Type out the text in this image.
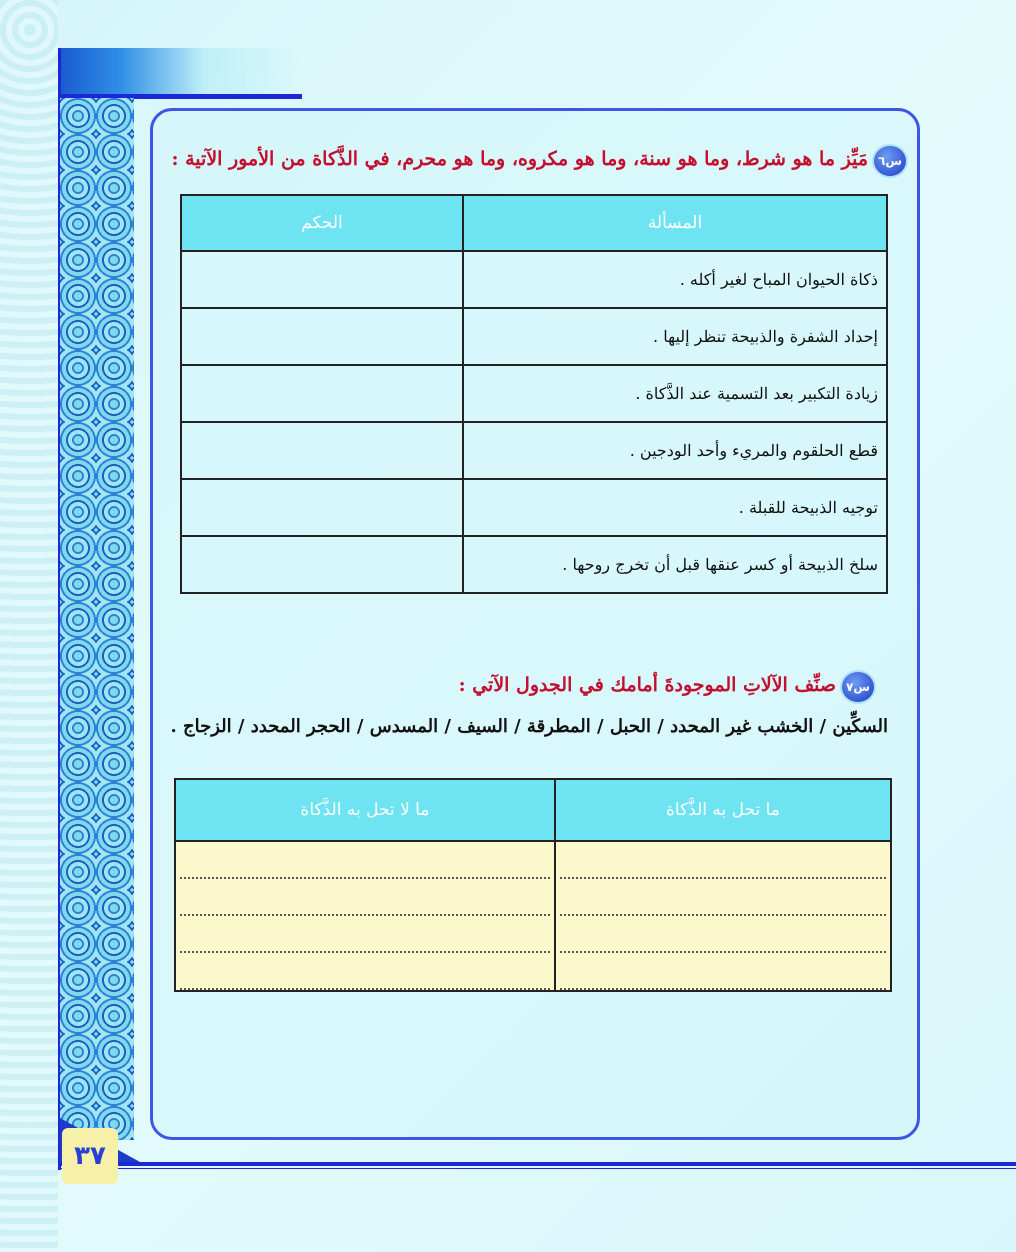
٣٧
س٦
مَيِّز ما هو شرط، وما هو سنة، وما هو مكروه، وما هو محرم، في الذَّكاة من الأمور الآتية :
المسألة	الحكم
ذكاة الحيوان المباح لغير أكله .	
إحداد الشفرة والذبيحة تنظر إليها .	
زيادة التكبير بعد التسمية عند الذَّكاة .	
قطع الحلقوم والمريء وأحد الودجين .	
توجيه الذبيحة للقبلة .	
سلخ الذبيحة أو كسر عنقها قبل أن تخرج روحها .	
س٧
صنِّف الآلاتِ الموجودةَ أمامك في الجدول الآتي :
السكِّين / الخشب غير المحدد / الحبل / المطرقة / السيف / المسدس / الحجر المحدد / الزجاج .
ما تحل به الذَّكاة	ما لا تحل به الذَّكاة
